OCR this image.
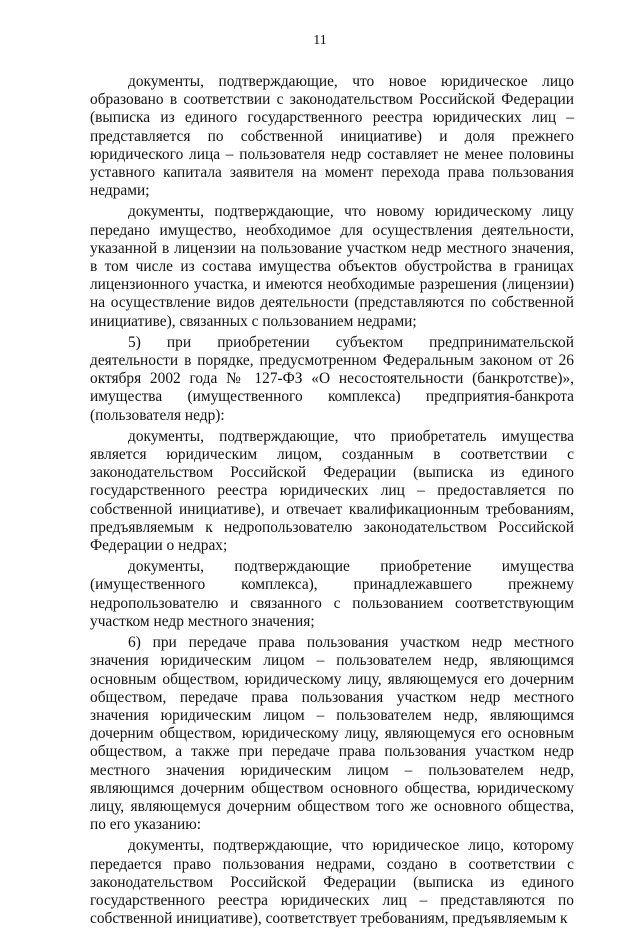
11

документы, подтверждающие, что новое юридическое лицо образовано в соответствии с законодательством Российской Федерации (выписка из единого государственного реестра юридических лиц – представляется по собственной инициативе) и доля прежнего юридического лица – пользователя недр составляет не менее половины уставного капитала заявителя на момент перехода права пользования недрами;

документы, подтверждающие, что новому юридическому лицу передано имущество, необходимое для осуществления деятельности, указанной в лицензии на пользование участком недр местного значения, в том числе из состава имущества объектов обустройства в границах лицензионного участка, и имеются необходимые разрешения (лицензии) на осуществление видов деятельности (представляются по собственной инициативе), связанных с пользованием недрами;

5) при приобретении субъектом предпринимательской деятельности в порядке, предусмотренном Федеральным законом от 26 октября 2002 года № 127-ФЗ «О несостоятельности (банкротстве)», имущества (имущественного комплекса) предприятия-банкрота (пользователя недр):

документы, подтверждающие, что приобретатель имущества является юридическим лицом, созданным в соответствии с законодательством Российской Федерации (выписка из единого государственного реестра юридических лиц – предоставляется по собственной инициативе), и отвечает квалификационным требованиям, предъявляемым к недропользователю законодательством Российской Федерации о недрах;

документы, подтверждающие приобретение имущества (имущественного комплекса), принадлежавшего прежнему недропользователю и связанного с пользованием соответствующим участком недр местного значения;

6) при передаче права пользования участком недр местного значения юридическим лицом – пользователем недр, являющимся основным обществом, юридическому лицу, являющемуся его дочерним обществом, передаче права пользования участком недр местного значения юридическим лицом – пользователем недр, являющимся дочерним обществом, юридическому лицу, являющемуся его основным обществом, а также при передаче права пользования участком недр местного значения юридическим лицом – пользователем недр, являющимся дочерним обществом основного общества, юридическому лицу, являющемуся дочерним обществом того же основного общества, по его указанию:

документы, подтверждающие, что юридическое лицо, которому передается право пользования недрами, создано в соответствии с законодательством Российской Федерации (выписка из единого государственного реестра юридических лиц – представляются по собственной инициативе), соответствует требованиям, предъявляемым к
